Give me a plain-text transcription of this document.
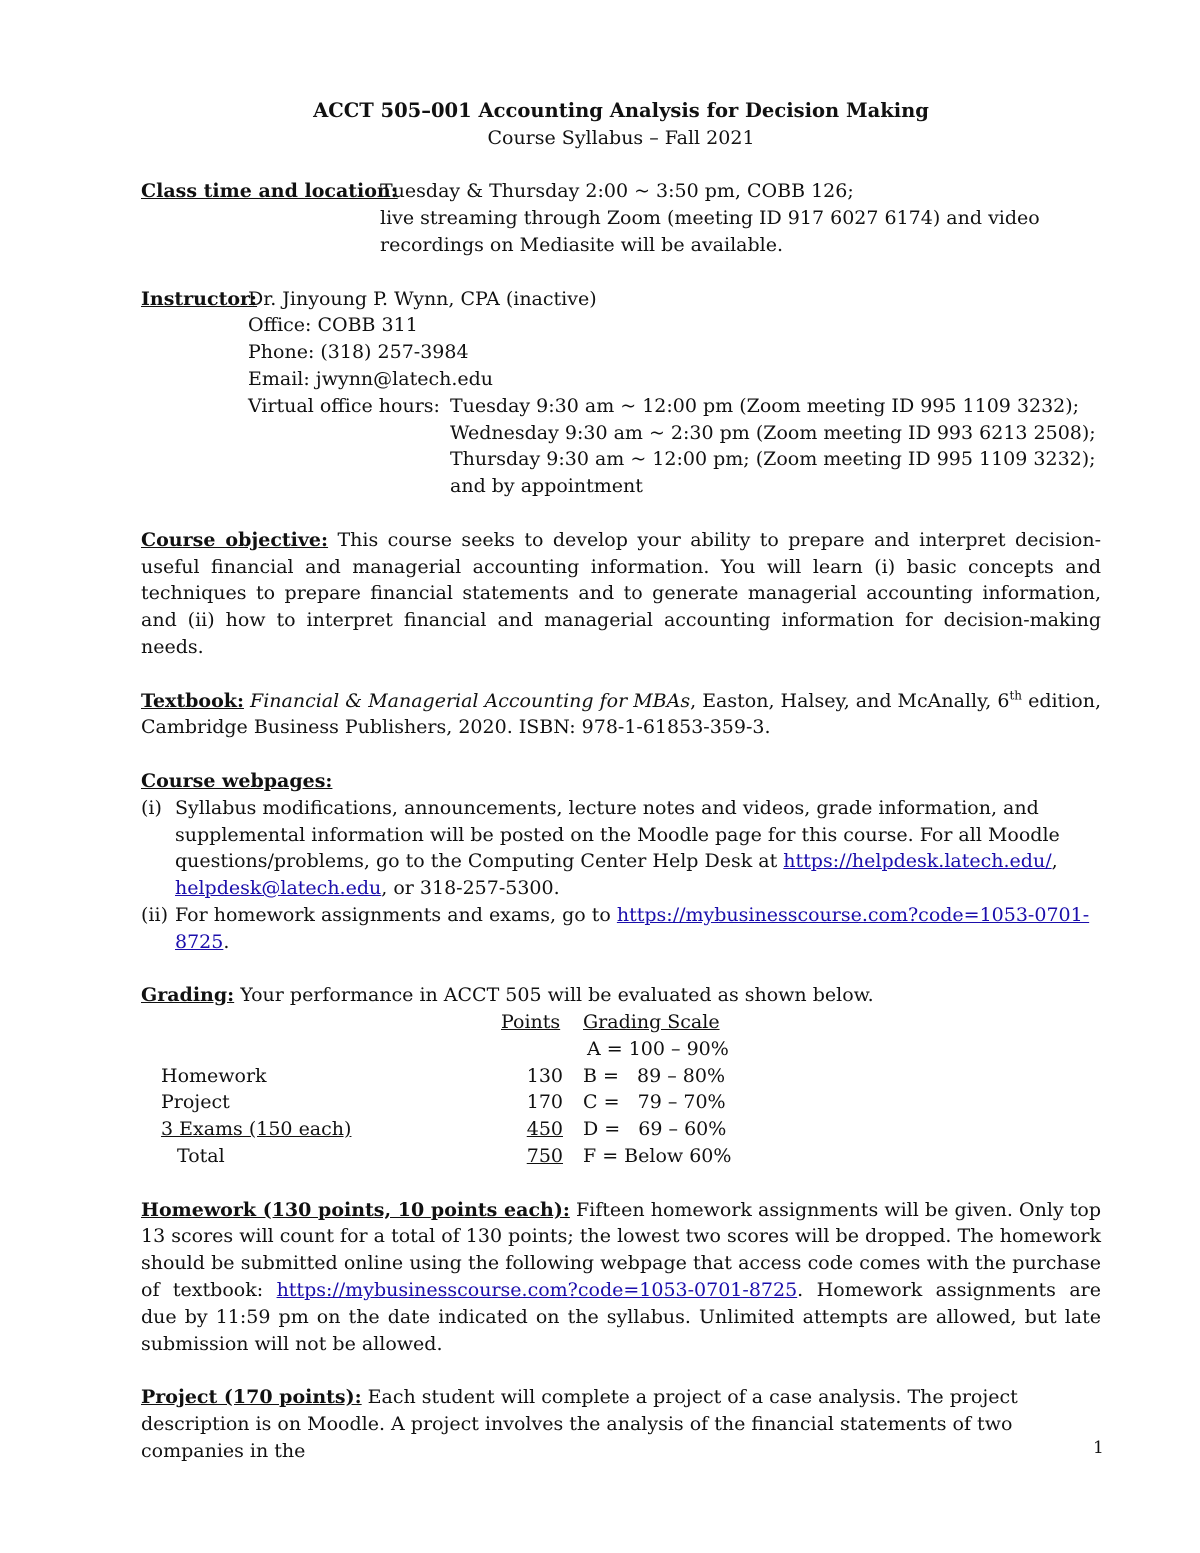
ACCT 505–001 Accounting Analysis for Decision Making
Course Syllabus – Fall 2021
Class time and location:
Tuesday & Thursday 2:00 ~ 3:50 pm, COBB 126;
live streaming through Zoom (meeting ID 917 6027 6174) and video
recordings on Mediasite will be available.
Instructor:
Dr. Jinyoung P. Wynn, CPA (inactive)
Office: COBB 311
Phone: (318) 257-3984
Email: jwynn@latech.edu
Virtual office hours: Tuesday 9:30 am ~ 12:00 pm (Zoom meeting ID 995 1109 3232);
Wednesday 9:30 am ~ 2:30 pm (Zoom meeting ID 993 6213 2508);
Thursday 9:30 am ~ 12:00 pm; (Zoom meeting ID 995 1109 3232);
and by appointment
Course objective: This course seeks to develop your ability to prepare and interpret decision-useful financial and managerial accounting information. You will learn (i) basic concepts and techniques to prepare financial statements and to generate managerial accounting information, and (ii) how to interpret financial and managerial accounting information for decision-making needs.
Textbook: Financial & Managerial Accounting for MBAs, Easton, Halsey, and McAnally, 6th edition, Cambridge Business Publishers, 2020. ISBN: 978-1-61853-359-3.
Course webpages:
(i) Syllabus modifications, announcements, lecture notes and videos, grade information, and supplemental information will be posted on the Moodle page for this course. For all Moodle questions/problems, go to the Computing Center Help Desk at https://helpdesk.latech.edu/, helpdesk@latech.edu, or 318-257-5300.
(ii) For homework assignments and exams, go to https://mybusinesscourse.com?code=1053-0701-8725.
Grading: Your performance in ACCT 505 will be evaluated as shown below.
Points Grading Scale
A = 100 – 90%
Homework	130 B =   89 – 80%
Project	170 C =   79 – 70%
3 Exams (150 each)	450 D =   69 – 60%
Total	750 F = Below 60%
Homework (130 points, 10 points each): Fifteen homework assignments will be given. Only top 13 scores will count for a total of 130 points; the lowest two scores will be dropped. The homework should be submitted online using the following webpage that access code comes with the purchase of textbook: https://mybusinesscourse.com?code=1053-0701-8725. Homework assignments are due by 11:59 pm on the date indicated on the syllabus. Unlimited attempts are allowed, but late submission will not be allowed.
Project (170 points): Each student will complete a project of a case analysis. The project description is on Moodle. A project involves the analysis of the financial statements of two companies in the	1
